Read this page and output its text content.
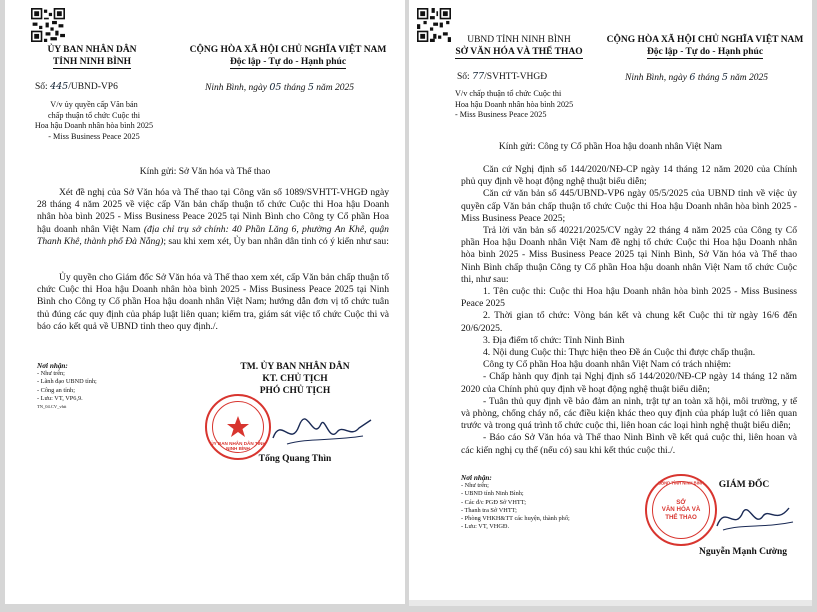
ỦY BAN NHÂN DÂN
TỈNH NINH BÌNH
CỘNG HÒA XÃ HỘI CHỦ NGHĨA VIỆT NAM
Độc lập - Tự do - Hạnh phúc
Số: 445/UBND-VP6	Ninh Bình, ngày 05 tháng 5 năm 2025
V/v ủy quyền cấp Văn bản
chấp thuận tổ chức Cuộc thi
Hoa hậu Doanh nhân hòa bình 2025
- Miss Business Peace 2025
Kính gửi: Sở Văn hóa và Thể thao
Xét đề nghị của Sở Văn hóa và Thể thao tại Công văn số 1089/SVHTT-VHGĐ ngày 28 tháng 4 năm 2025 về việc cấp Văn bản chấp thuận tổ chức Cuộc thi Hoa hậu Doanh nhân hòa bình 2025 - Miss Business Peace 2025 tại Ninh Bình cho Công ty Cổ phần Hoa hậu doanh nhân Việt Nam (địa chỉ trụ sở chính: 40 Phần Lăng 6, phường An Khê, quận Thanh Khê, thành phố Đà Nẵng); sau khi xem xét, Ủy ban nhân dân tỉnh có ý kiến như sau:
Ủy quyền cho Giám đốc Sở Văn hóa và Thể thao xem xét, cấp Văn bản chấp thuận tổ chức Cuộc thi Hoa hậu Doanh nhân hòa bình 2025 - Miss Business Peace 2025 tại Ninh Bình cho Công ty Cổ phần Hoa hậu doanh nhân Việt Nam; hướng dẫn đơn vị tổ chức tuân thủ đúng các quy định của pháp luật liên quan; kiểm tra, giám sát việc tổ chức Cuộc thi và báo cáo kết quả về UBND tỉnh theo quy định./.
Nơi nhận:
- Như trên;
- Lãnh đạo UBND tỉnh;
- Công an tỉnh;
- Lưu: VT, VP6,9.
TN_04.CV_vhtt
TM. ỦY BAN NHÂN DÂN
KT. CHỦ TỊCH
PHÓ CHỦ TỊCH
ỦY BAN NHÂN DÂN TỈNH NINH BÌNH
Tống Quang Thìn
UBND TỈNH NINH BÌNH
SỞ VĂN HÓA VÀ THỂ THAO
CỘNG HÒA XÃ HỘI CHỦ NGHĨA VIỆT NAM
Độc lập - Tự do - Hạnh phúc
Số: 77/SVHTT-VHGĐ	Ninh Bình, ngày 6 tháng 5 năm 2025
V/v chấp thuận tổ chức Cuộc thi
Hoa hậu Doanh nhân hòa bình 2025
- Miss Business Peace 2025
Kính gửi: Công ty Cổ phần Hoa hậu doanh nhân Việt Nam
Căn cứ Nghị định số 144/2020/NĐ-CP ngày 14 tháng 12 năm 2020 của Chính phủ quy định về hoạt động nghệ thuật biểu diễn;
Căn cứ văn bản số 445/UBND-VP6 ngày 05/5/2025 của UBND tỉnh về việc ủy quyền cấp Văn bản chấp thuận tổ chức Cuộc thi Hoa hậu Doanh nhân hòa bình 2025 - Miss Business Peace 2025;
Trả lời văn bản số 40221/2025/CV ngày 22 tháng 4 năm 2025 của Công ty Cổ phần Hoa hậu Doanh nhân Việt Nam đề nghị tổ chức Cuộc thi Hoa hậu Doanh nhân hòa bình 2025 - Miss Business Peace 2025 tại Ninh Bình, Sở Văn hóa và Thể thao Ninh Bình chấp thuận Công ty Cổ phần Hoa hậu doanh nhân Việt Nam tổ chức Cuộc thi, như sau:
1. Tên cuộc thi: Cuộc thi Hoa hậu Doanh nhân hòa bình 2025 - Miss Business Peace 2025
2. Thời gian tổ chức: Vòng bán kết và chung kết Cuộc thi từ ngày 16/6 đến 20/6/2025.
3. Địa điểm tổ chức: Tỉnh Ninh Bình
4. Nội dung Cuộc thi: Thực hiện theo Đề án Cuộc thi được chấp thuận.
Công ty Cổ phần Hoa hậu doanh nhân Việt Nam có trách nhiệm:
- Chấp hành quy định tại Nghị định số 144/2020/NĐ-CP ngày 14 tháng 12 năm 2020 của Chính phủ quy định về hoạt động nghệ thuật biểu diễn;
- Tuân thủ quy định về bảo đảm an ninh, trật tự an toàn xã hội, môi trường, y tế và phòng, chống cháy nổ, các điều kiện khác theo quy định của pháp luật có liên quan trước và trong quá trình tổ chức cuộc thi, liên hoan các loại hình nghệ thuật biểu diễn;
- Báo cáo Sở Văn hóa và Thể thao Ninh Bình về kết quả cuộc thi, liên hoan và các kiến nghị cụ thể (nếu có) sau khi kết thúc cuộc thi./.
Nơi nhận:
- Như trên;
- UBND tỉnh Ninh Bình;
- Các đ/c PGĐ Sở VHTT;
- Thanh tra Sở VHTT;
- Phòng VHKH&TT các huyện, thành phố;
- Lưu: VT, VHGĐ.
GIÁM ĐỐC
SỞ
VĂN HÓA VÀ
THỂ THAO
UBND TỈNH NINH BÌNH
Nguyễn Mạnh Cường
